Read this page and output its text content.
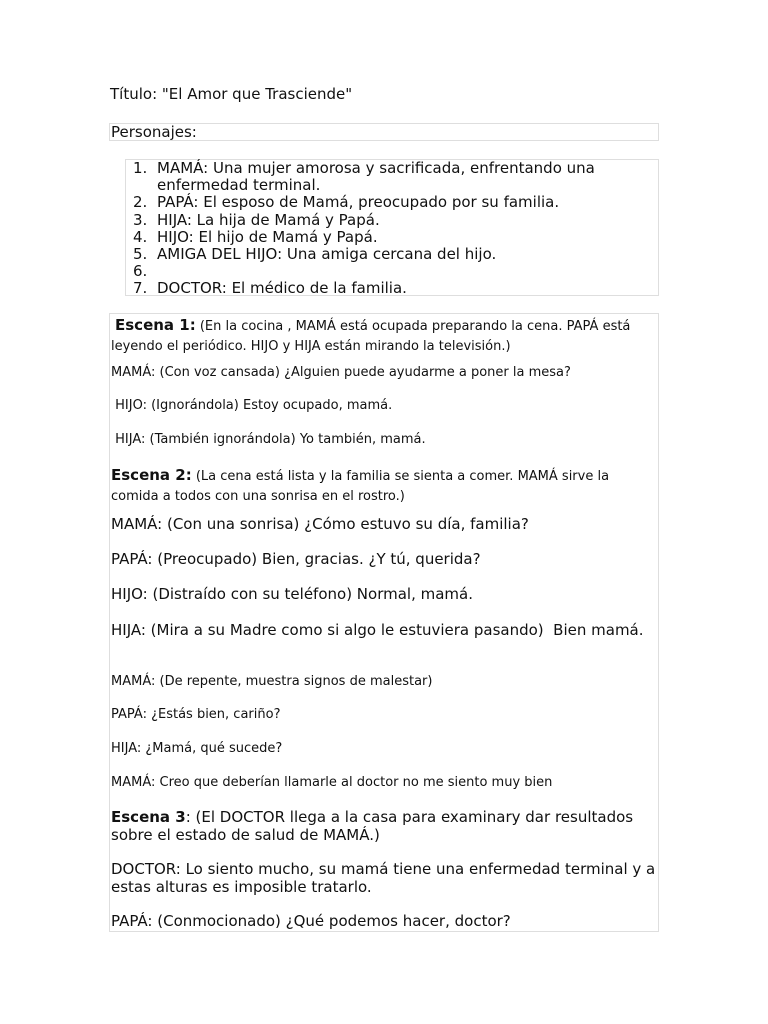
Título: "El Amor que Trasciende"
Personajes:
1. MAMÁ: Una mujer amorosa y sacrificada, enfrentando una enfermedad terminal.
2. PAPÁ: El esposo de Mamá, preocupado por su familia.
3. HIJA: La hija de Mamá y Papá.
4. HIJO: El hijo de Mamá y Papá.
5. AMIGA DEL HIJO: Una amiga cercana del hijo.
6.

7. DOCTOR: El médico de la familia.

Escena 1: (En la cocina , MAMÁ está ocupada preparando la cena. PAPÁ está leyendo el periódico. HIJO y HIJA están mirando la televisión.)

MAMÁ: (Con voz cansada) ¿Alguien puede ayudarme a poner la mesa?

HIJO: (Ignorándola) Estoy ocupado, mamá.

HIJA: (También ignorándola) Yo también, mamá.

Escena 2: (La cena está lista y la familia se sienta a comer. MAMÁ sirve la comida a todos con una sonrisa en el rostro.)

MAMÁ: (Con una sonrisa) ¿Cómo estuvo su día, familia?

PAPÁ: (Preocupado) Bien, gracias. ¿Y tú, querida?

HIJO: (Distraído con su teléfono) Normal, mamá.

HIJA: (Mira a su Madre como si algo le estuviera pasando)  Bien mamá.

MAMÁ: (De repente, muestra signos de malestar)

PAPÁ: ¿Estás bien, cariño?

HIJA: ¿Mamá, qué sucede?

MAMÁ: Creo que deberían llamarle al doctor no me siento muy bien

Escena 3: (El DOCTOR llega a la casa para examinary dar resultados sobre el estado de salud de MAMÁ.)

DOCTOR: Lo siento mucho, su mamá tiene una enfermedad terminal y a estas alturas es imposible tratarlo.

PAPÁ: (Conmocionado) ¿Qué podemos hacer, doctor?
